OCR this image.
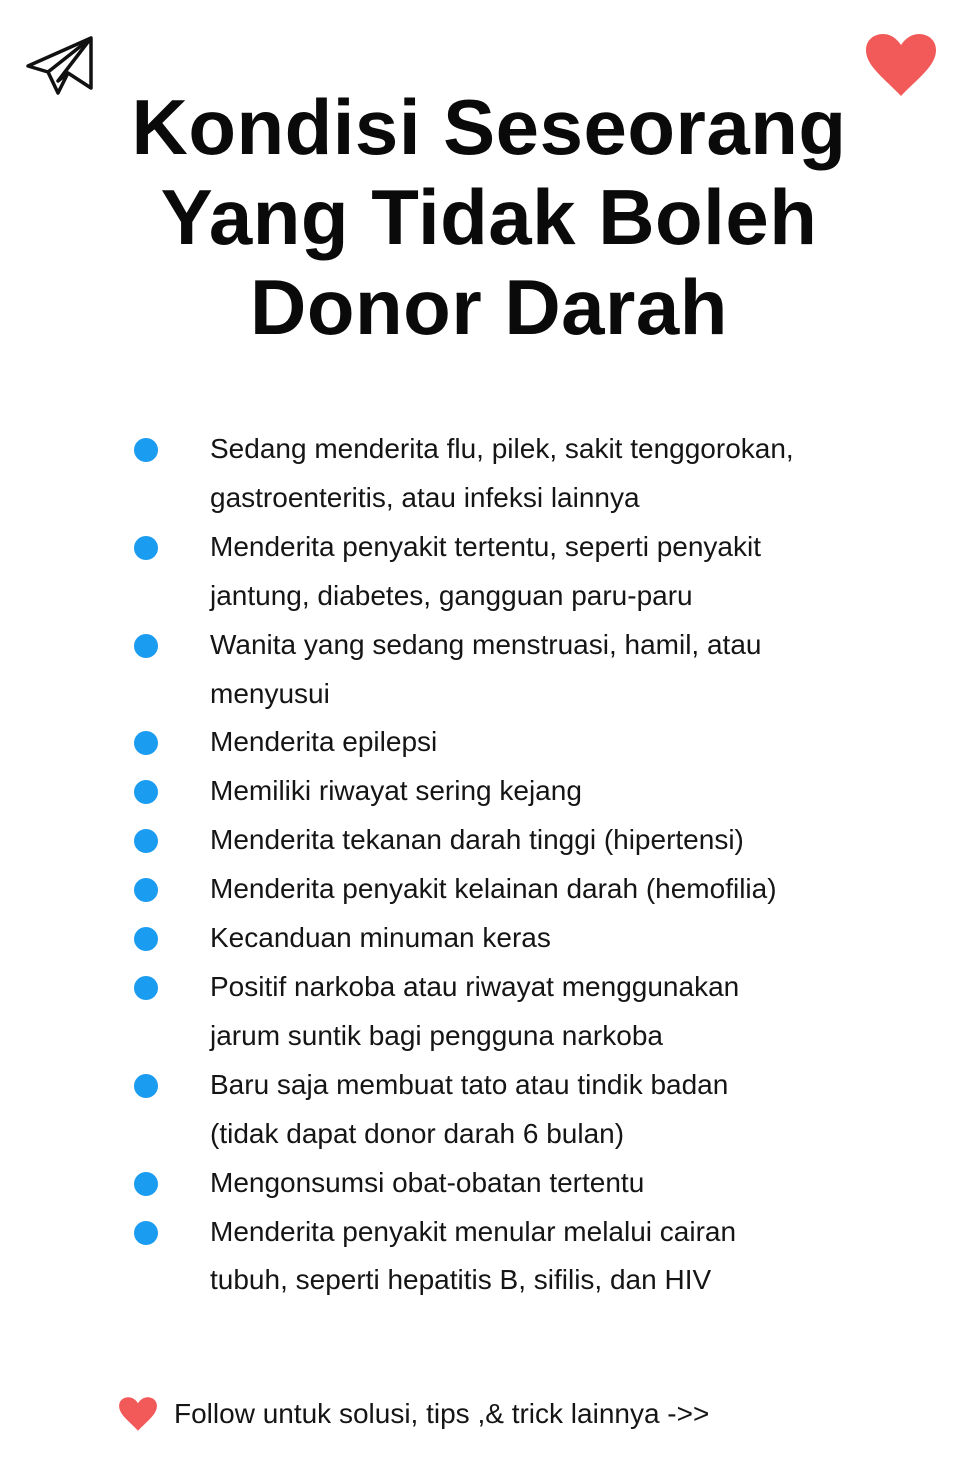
Kondisi Seseorang
Yang Tidak Boleh
Donor Darah
Sedang menderita flu, pilek, sakit tenggorokan,
gastroenteritis, atau infeksi lainnya
Menderita penyakit tertentu, seperti penyakit
jantung, diabetes, gangguan paru-paru
Wanita yang sedang menstruasi, hamil, atau
menyusui
Menderita epilepsi
Memiliki riwayat sering kejang
Menderita tekanan darah tinggi (hipertensi)
Menderita penyakit kelainan darah (hemofilia)
Kecanduan minuman keras
Positif narkoba atau riwayat menggunakan
jarum suntik bagi pengguna narkoba
Baru saja membuat tato atau tindik badan
(tidak dapat donor darah 6 bulan)
Mengonsumsi obat-obatan tertentu
Menderita penyakit menular melalui cairan
tubuh, seperti hepatitis B, sifilis, dan HIV
Follow untuk solusi, tips ,& trick lainnya ->>
